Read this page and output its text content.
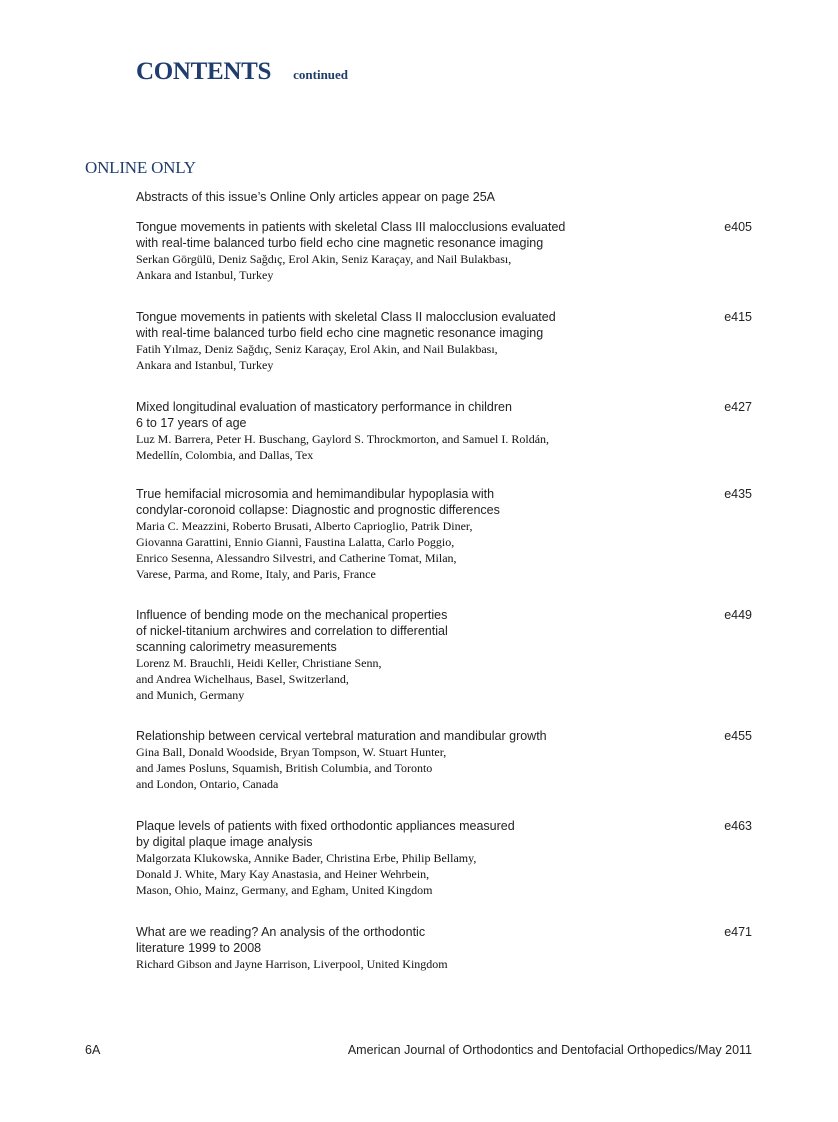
CONTENTS continued
ONLINE ONLY
Abstracts of this issue’s Online Only articles appear on page 25A
Tongue movements in patients with skeletal Class III malocclusions evaluated
with real-time balanced turbo field echo cine magnetic resonance imaging
Serkan Görgülü, Deniz Sağdıç, Erol Akin, Seniz Karaçay, and Nail Bulakbası,
Ankara and Istanbul, Turkey
e405
Tongue movements in patients with skeletal Class II malocclusion evaluated
with real-time balanced turbo field echo cine magnetic resonance imaging
Fatih Yılmaz, Deniz Sağdıç, Seniz Karaçay, Erol Akin, and Nail Bulakbası,
Ankara and Istanbul, Turkey
e415
Mixed longitudinal evaluation of masticatory performance in children
6 to 17 years of age
Luz M. Barrera, Peter H. Buschang, Gaylord S. Throckmorton, and Samuel I. Roldán,
Medellín, Colombia, and Dallas, Tex
e427
True hemifacial microsomia and hemimandibular hypoplasia with
condylar-coronoid collapse: Diagnostic and prognostic differences
Maria C. Meazzini, Roberto Brusati, Alberto Caprioglio, Patrik Diner,
Giovanna Garattini, Ennio Giannì, Faustina Lalatta, Carlo Poggio,
Enrico Sesenna, Alessandro Silvestri, and Catherine Tomat, Milan,
Varese, Parma, and Rome, Italy, and Paris, France
e435
Influence of bending mode on the mechanical properties
of nickel-titanium archwires and correlation to differential
scanning calorimetry measurements
Lorenz M. Brauchli, Heidi Keller, Christiane Senn,
and Andrea Wichelhaus, Basel, Switzerland,
and Munich, Germany
e449
Relationship between cervical vertebral maturation and mandibular growth
Gina Ball, Donald Woodside, Bryan Tompson, W. Stuart Hunter,
and James Posluns, Squamish, British Columbia, and Toronto
and London, Ontario, Canada
e455
Plaque levels of patients with fixed orthodontic appliances measured
by digital plaque image analysis
Malgorzata Klukowska, Annike Bader, Christina Erbe, Philip Bellamy,
Donald J. White, Mary Kay Anastasia, and Heiner Wehrbein,
Mason, Ohio, Mainz, Germany, and Egham, United Kingdom
e463
What are we reading? An analysis of the orthodontic
literature 1999 to 2008
Richard Gibson and Jayne Harrison, Liverpool, United Kingdom
e471
6A	American Journal of Orthodontics and Dentofacial Orthopedics/May 2011
